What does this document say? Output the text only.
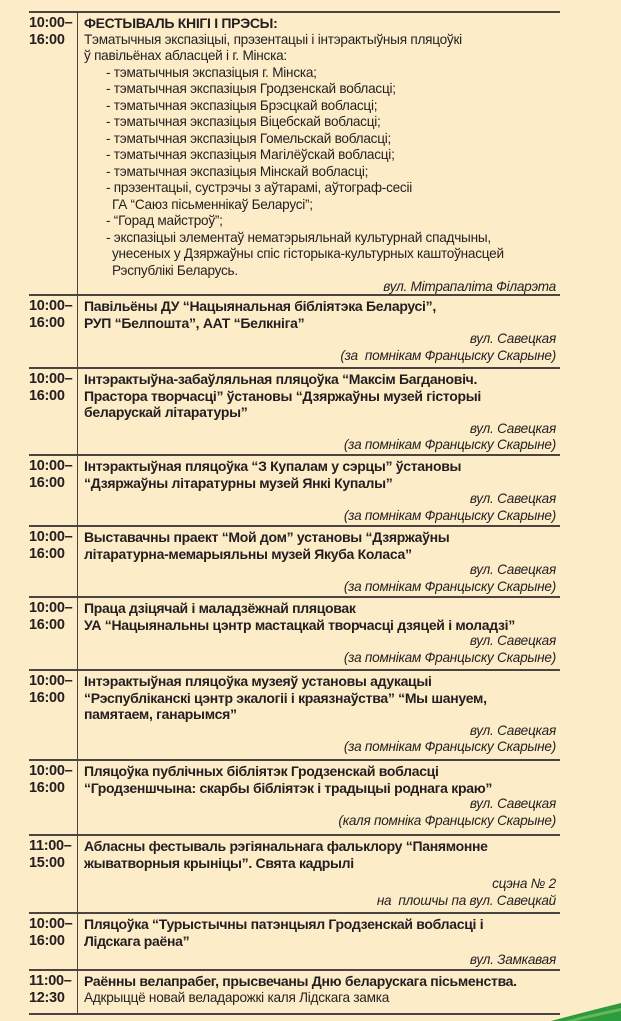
10:00–
16:00
ФЕСТЫВАЛЬ КНІГІ І ПРЭСЫ:
Тэматычныя экспазіцыі, прэзентацыі і інтэрактыўныя пляцоўкі
ў павільёнах абласцей і г. Мінска:
- тэматычныя экспазіцыя г. Мінска;
- тэматычная экспазіцыя Гродзенскай вобласці;
- тэматычная экспазіцыя Брэсцкай вобласці;
- тэматычная экспазіцыя Віцебскай вобласці;
- тэматычная экспазіцыя Гомельскай вобласці;
- тэматычная экспазіцыя Магілёўскай вобласці;
- тэматычная экспазіцыя Мінскай вобласці;
- прэзентацыі, сустрэчы з аўтарамі, аўтограф-сесіі
ГА “Саюз пісьменнікаў Беларусі”;
- “Горад майстроў”;
- экспазіцыі элементаў нематэрыяльнай культурнай спадчыны,
унесеных у Дзяржаўны спіс гісторыка-культурных каштоўнасцей
Рэспублікі Беларусь.
вул. Мітрапаліта Філарэта
10:00–
16:00
Павільёны ДУ “Нацыянальная бібліятэка Беларусі”,
РУП “Белпошта”, ААТ “Белкніга”
вул. Савецкая
(за  помнікам Францыску Скарыне)
10:00–
16:00
Інтэрактыўна-забаўляльная пляцоўка “Максім Багдановіч.
Прастора творчасці” ўстановы “Дзяржаўны музей гісторыі
беларускай літаратуры”
вул. Савецкая
(за помнікам Францыску Скарыне)
10:00–
16:00
Інтэрактыўная пляцоўка “З Купалам у сэрцы” ўстановы
“Дзяржаўны літаратурны музей Янкі Купалы”
вул. Савецкая
(за помнікам Францыску Скарыне)
10:00–
16:00
Выставачны праект “Мой дом” установы “Дзяржаўны
літаратурна-мемарыяльны музей Якуба Коласа”
вул. Савецкая
(за помнікам Францыску Скарыне)
10:00–
16:00
Праца дзіцячай і маладзёжнай пляцовак
УА “Нацыянальны цэнтр мастацкай творчасці дзяцей і моладзі”
вул. Савецкая
(за помнікам Францыску Скарыне)
10:00–
16:00
Інтэрактыўная пляцоўка музеяў установы адукацыі
“Рэспубліканскі цэнтр экалогіі і краязнаўства” “Мы шануем,
памятаем, ганарымся”
вул. Савецкая
(за помнікам Францыску Скарыне)
10:00–
16:00
Пляцоўка публічных бібліятэк Гродзенскай вобласці
“Гродзеншчына: скарбы бібліятэк і традыцыі роднага краю”
вул. Савецкая
(каля помніка Францыску Скарыне)
11:00–
15:00
Абласны фестываль рэгіянальнага фальклору “Панямонне
жыватворныя крыніцы”. Свята кадрылі
сцэна № 2
на  плошчы па вул. Савецкай
10:00–
16:00
Пляцоўка “Турыстычны патэнцыял Гродзенскай вобласці і
Лідскага раёна”
вул. Замкавая
11:00–
12:30
Раённы велапрабег, прысвечаны Дню беларускага пісьменства.
Адкрыццё новай веладарожкі каля Лідскага замка
